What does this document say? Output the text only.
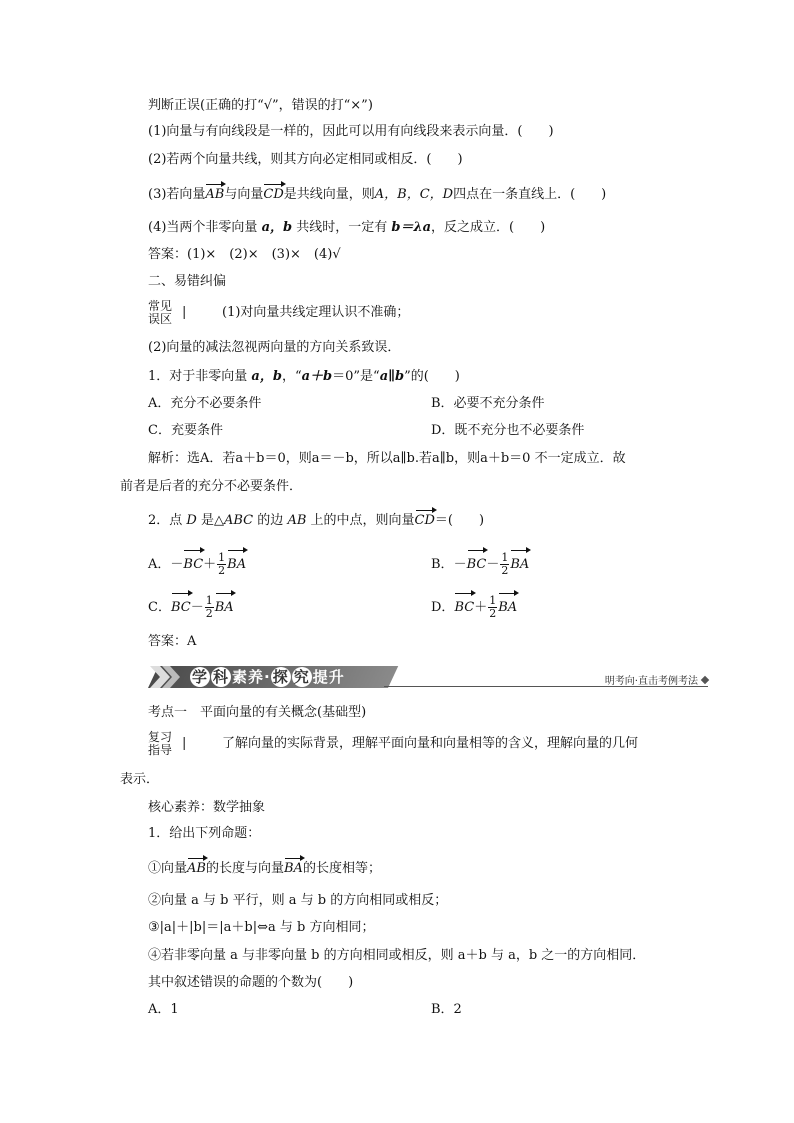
判断正误(正确的打“√”，错误的打“×”)
(1)向量与有向线段是一样的，因此可以用有向线段来表示向量．(　　)
(2)若两个向量共线，则其方向必定相同或相反．(　　)
(3)若向量AB与向量CD是共线向量，则A，B，C，D四点在一条直线上．(　　)
(4)当两个非零向量 a，b 共线时，一定有 b＝λa，反之成立．(　　)
答案：(1)×　(2)×　(3)×　(4)√
二、易错纠偏
常见误区 |	(1)对向量共线定理认识不准确；
(2)向量的减法忽视两向量的方向关系致误．
1．对于非零向量 a，b，“a＋b＝0”是“a∥b”的(　　)
A．充分不必要条件	B．必要不充分条件
C．充要条件	D．既不充分也不必要条件
解析：选A．若a＋b＝0，则a＝－b，所以a∥b.若a∥b，则a＋b＝0 不一定成立．故
前者是后者的充分不必要条件．
2．点 D 是△ABC 的边 AB 上的中点，则向量CD＝(　　)
A．$-BC+ \frac{1}{2}$ BA	B．$-BC- \frac{1}{2}$ BA
C．$BC- \frac{1}{2}$ BA	D．$BC+ \frac{1}{2}$ BA
答案：A
学 科 素养· 探 究 提升	明考向·直击考例考法
考点一　平面向量的有关概念(基础型)
复习指导 |	了解向量的实际背景，理解平面向量和向量相等的含义，理解向量的几何
表示．
核心素养：数学抽象
1．给出下列命题：
①向量AB的长度与向量BA的长度相等；
②向量 a 与 b 平行，则 a 与 b 的方向相同或相反；
③|a|＋|b|＝|a＋b|⇔a 与 b 方向相同；
④若非零向量 a 与非零向量 b 的方向相同或相反，则 a＋b 与 a，b 之一的方向相同．
其中叙述错误的命题的个数为(　　)
A．1	B．2
